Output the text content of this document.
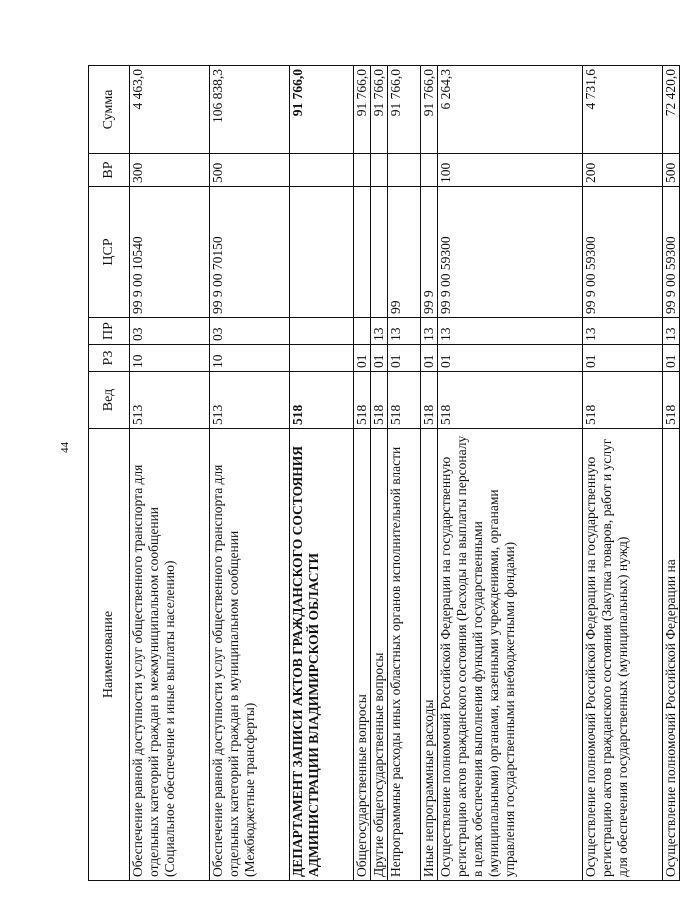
44
Наименование	Вед	РЗ	ПР	ЦСР	ВР	Сумма
Обеспечение равной доступности услуг общественного транспорта для отдельных категорий граждан в межмуниципальном сообщении (Социальное обеспечение и иные выплаты населению)	513	10	03	99 9 00 10540	300	4 463,0
Обеспечение равной доступности услуг общественного транспорта для отдельных категорий граждан в муниципальном сообщении (Межбюджетные трансферты)	513	10	03	99 9 00 70150	500	106 838,3
ДЕПАРТАМЕНТ ЗАПИСИ АКТОВ ГРАЖДАНСКОГО СОСТОЯНИЯ АДМИНИСТРАЦИИ ВЛАДИМИРСКОЙ ОБЛАСТИ	518					91 766,0
Общегосударственные вопросы	518	01				91 766,0
Другие общегосударственные вопросы	518	01	13			91 766,0
Непрограммные расходы иных областных органов исполнительной власти	518	01	13	99		91 766,0
Иные непрограммные расходы	518	01	13	99 9		91 766,0
Осуществление полномочий Российской Федерации на государственную регистрацию актов гражданского состояния (Расходы на выплаты персоналу в целях обеспечения выполнения функций государственными (муниципальными) органами, казенными учреждениями, органами управления государственными внебюджетными фондами)	518	01	13	99 9 00 59300	100	6 264,3
Осуществление полномочий Российской Федерации на государственную регистрацию актов гражданского состояния (Закупка товаров, работ и услуг для обеспечения государственных (муниципальных) нужд)	518	01	13	99 9 00 59300	200	4 731,6
Осуществление полномочий Российской Федерации на	518	01	13	99 9 00 59300	500	72 420,0
